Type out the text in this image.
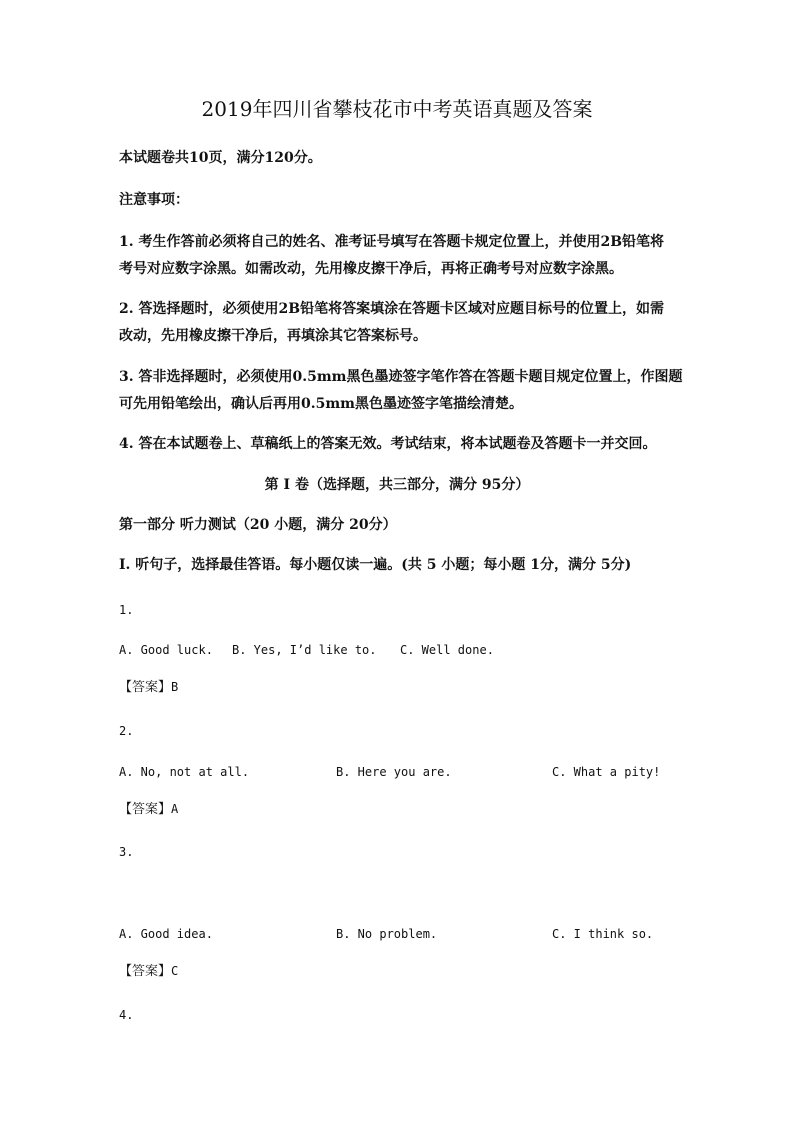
2019年四川省攀枝花市中考英语真题及答案
本试题卷共10页，满分120分。
注意事项：
1. 考生作答前必须将自己的姓名、准考证号填写在答题卡规定位置上，并使用2B铅笔将
考号对应数字涂黑。如需改动，先用橡皮擦干净后，再将正确考号对应数字涂黑。
2. 答选择题时，必须使用2B铅笔将答案填涂在答题卡区域对应题目标号的位置上，如需
改动，先用橡皮擦干净后，再填涂其它答案标号。
3. 答非选择题时，必须使用0.5mm黑色墨迹签字笔作答在答题卡题目规定位置上，作图题
可先用铅笔绘出，确认后再用0.5mm黑色墨迹签字笔描绘清楚。
4. 答在本试题卷上、草稿纸上的答案无效。考试结束，将本试题卷及答题卡一并交回。
第 I 卷（选择题，共三部分，满分 95分）
第一部分 听力测试（20 小题，满分 20分）
I. 听句子，选择最佳答语。每小题仅读一遍。(共 5 小题；每小题 1分，满分 5分)
1.
A. Good luck. B. Yes, I’d like to. C. Well done.
【答案】B
2.
A. No, not at all.	B. Here you are.	C. What a pity!
【答案】A
3.
A. Good idea.	B. No problem.	C. I think so.
【答案】C
4.
